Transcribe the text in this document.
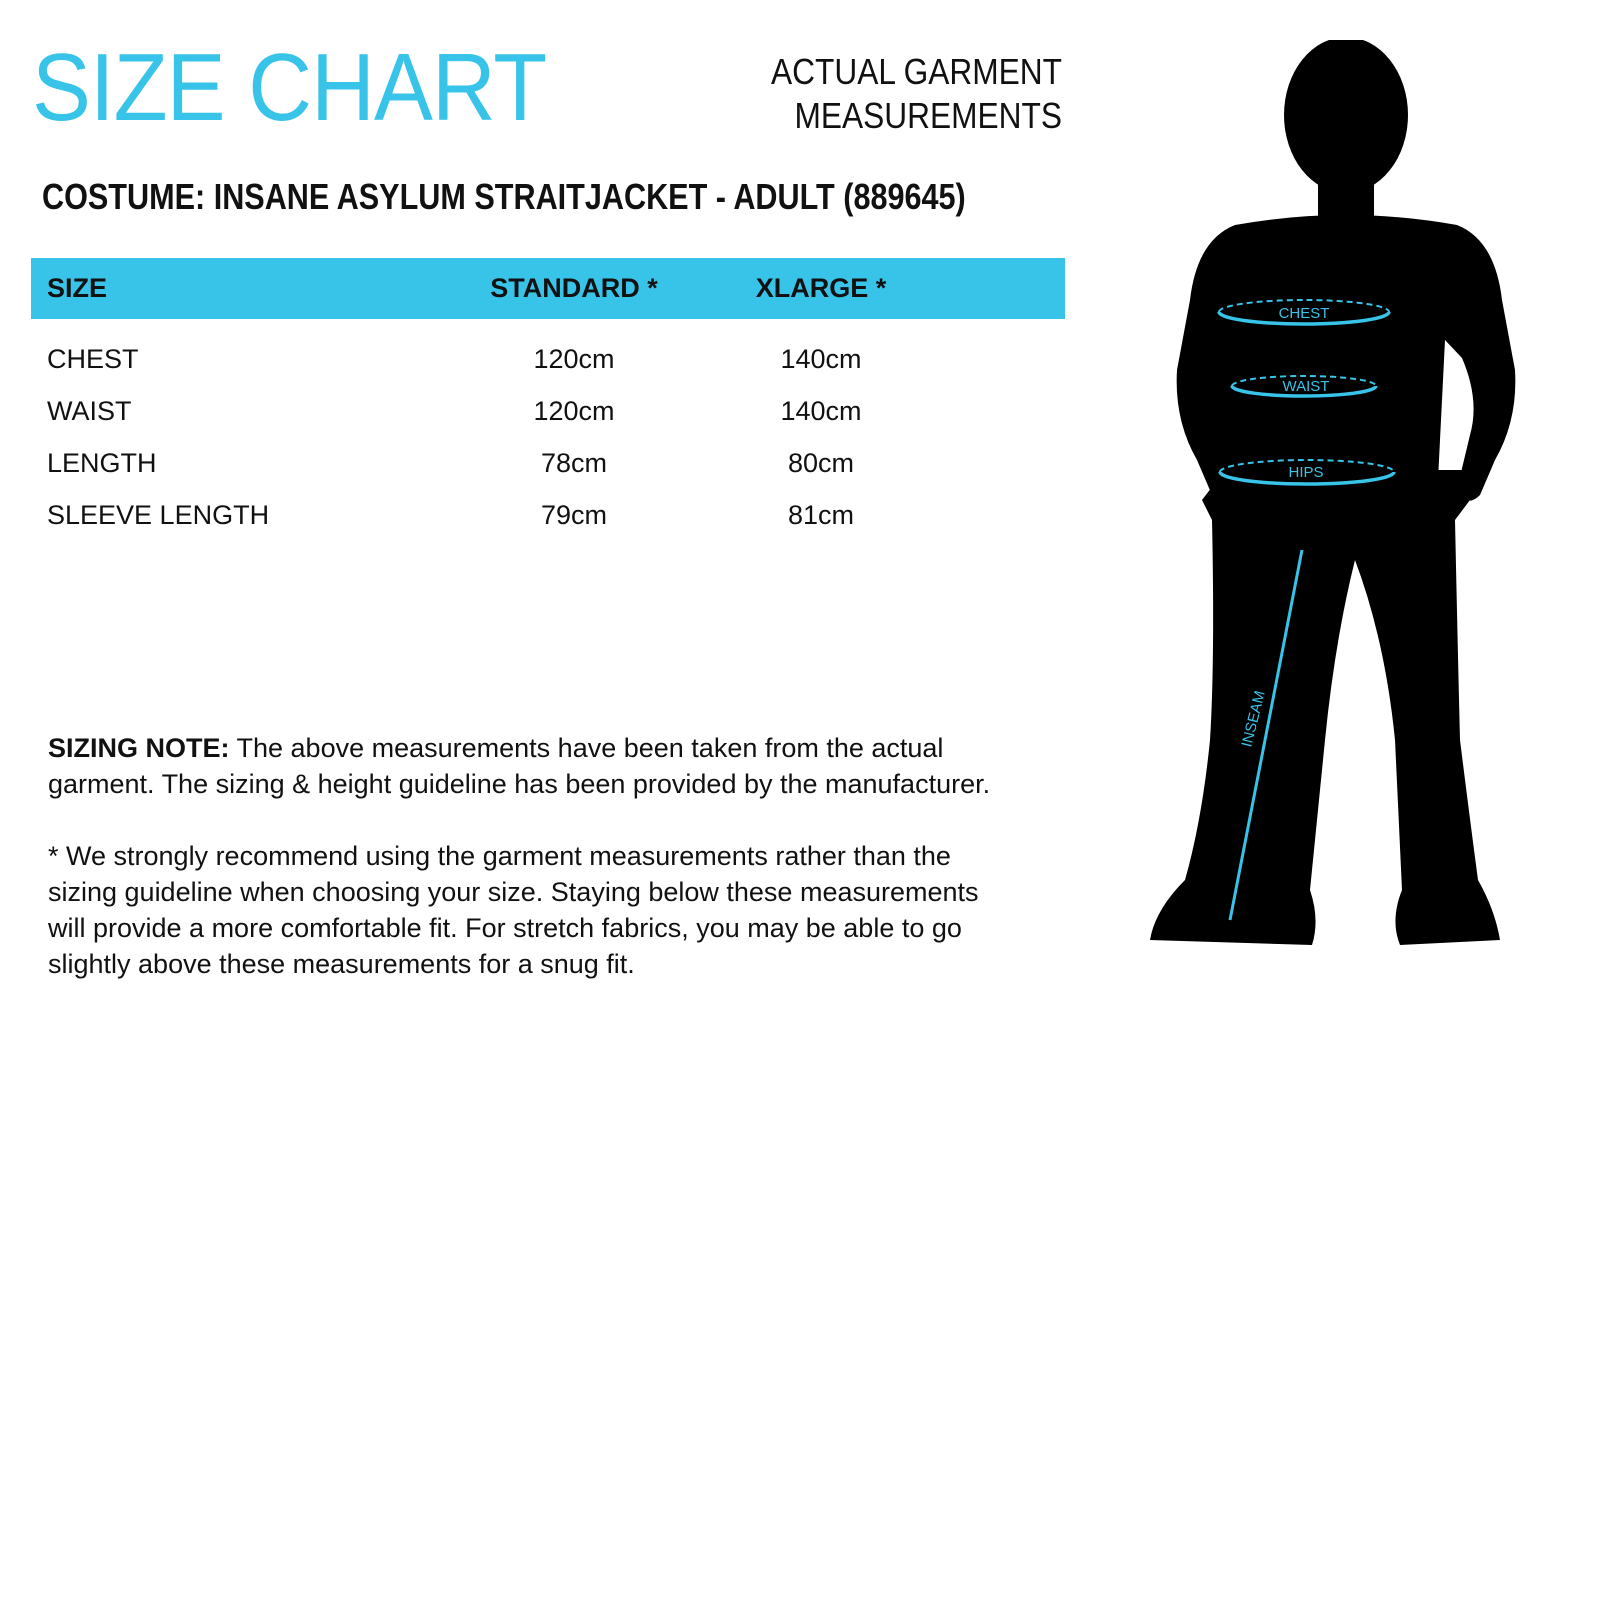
SIZE CHART	ACTUAL GARMENT
MEASUREMENTS
COSTUME: INSANE ASYLUM STRAITJACKET - ADULT (889645)
SIZE	STANDARD *	XLARGE *	
CHEST	120cm	140cm	
WAIST	120cm	140cm	
LENGTH	78cm	80cm	
SLEEVE LENGTH	79cm	81cm	

SIZING NOTE: The above measurements have been taken from the actual garment. The sizing & height guideline has been provided by the manufacturer.

* We strongly recommend using the garment measurements rather than the sizing guideline when choosing your size. Staying below these measurements will provide a more comfortable fit. For stretch fabrics, you may be able to go slightly above these measurements for a snug fit.

CHEST
WAIST
HIPS
INSEAM
